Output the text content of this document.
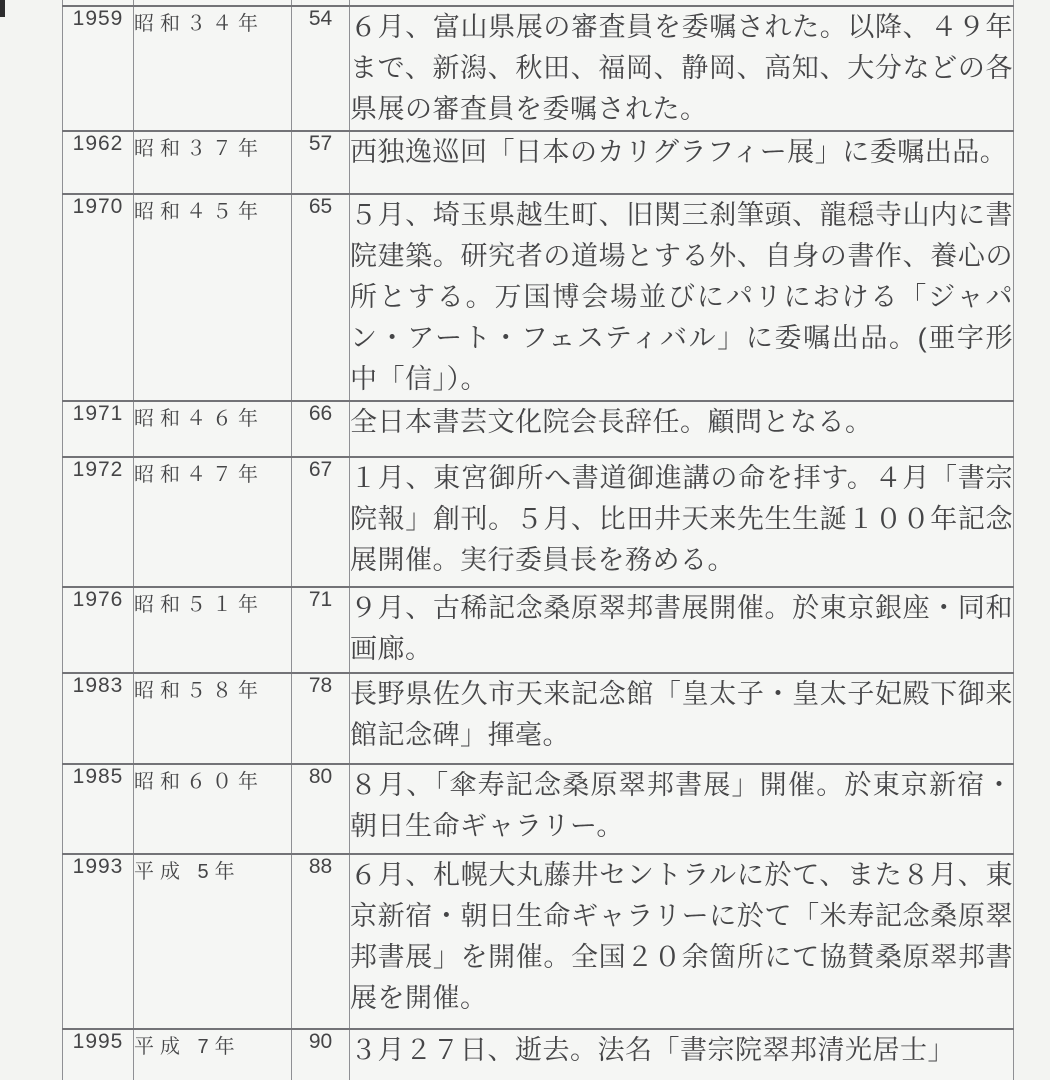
1959	昭和３４年	54	６月、富山県展の審査員を委嘱された。以降、４９年まで、新潟、秋田、福岡、静岡、高知、大分などの各県展の審査員を委嘱された。
1962	昭和３７年	57	西独逸巡回「日本のカリグラフィー展」に委嘱出品。
1970	昭和４５年	65	５月、埼玉県越生町、旧関三刹筆頭、龍穏寺山内に書院建築。研究者の道場とする外、自身の書作、養心の所とする。万国博会場並びにパリにおける「ジャパン・アート・フェスティバル」に委嘱出品。(亜字形中「信」）。
1971	昭和４６年	66	全日本書芸文化院会長辞任。顧問となる。
1972	昭和４７年	67	１月、東宮御所へ書道御進講の命を拝す。４月「書宗院報」創刊。５月、比田井天来先生生誕１００年記念展開催。実行委員長を務める。
1976	昭和５１年	71	９月、古稀記念桑原翠邦書展開催。於東京銀座・同和画廊。
1983	昭和５８年	78	長野県佐久市天来記念館「皇太子・皇太子妃殿下御来館記念碑」揮毫。
1985	昭和６０年	80	８月、「傘寿記念桑原翠邦書展」開催。於東京新宿・朝日生命ギャラリー。
1993	平成 5年	88	６月、札幌大丸藤井セントラルに於て、また８月、東京新宿・朝日生命ギャラリーに於て「米寿記念桑原翠邦書展」を開催。全国２０余箇所にて協賛桑原翠邦書展を開催。
1995	平成 7年	90	３月２７日、逝去。法名「書宗院翠邦清光居士」
